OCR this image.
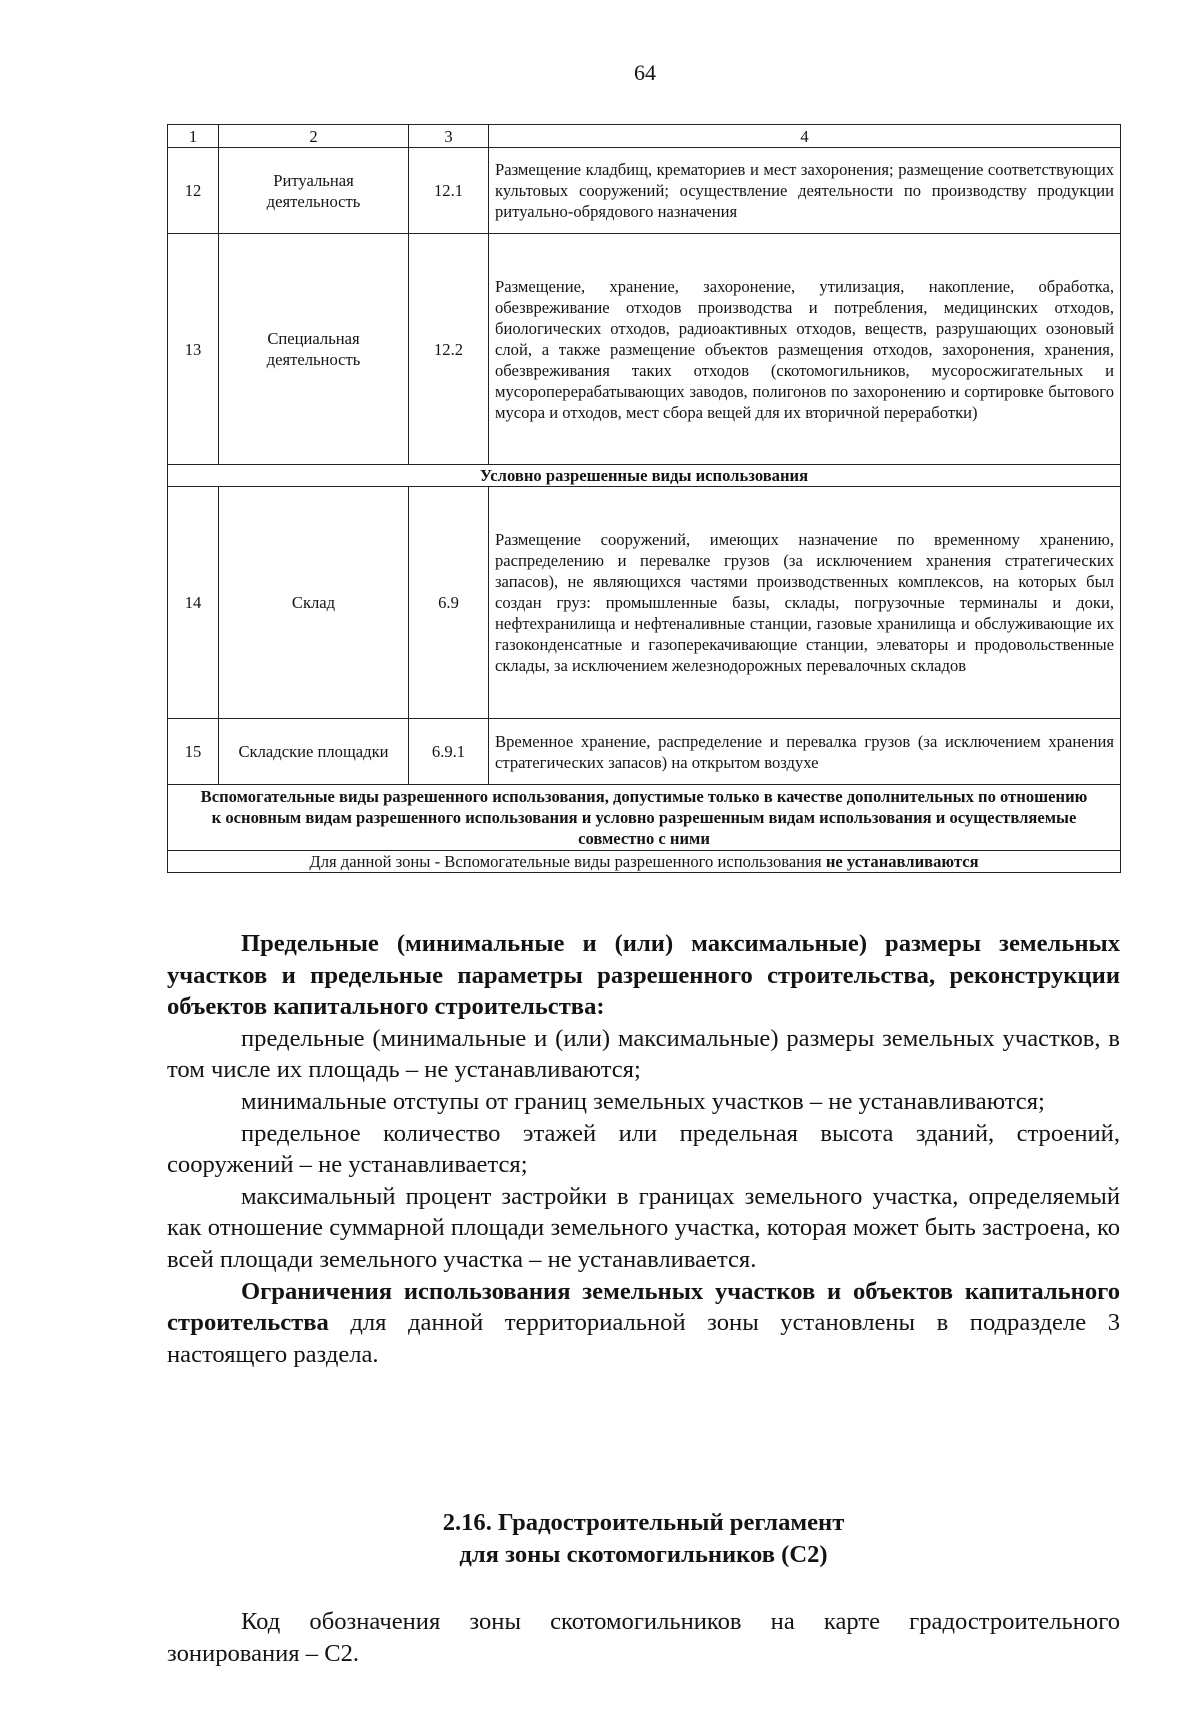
64
1	2	3	4
12	Ритуальная деятельность	12.1	Размещение кладбищ, крематориев и мест захоронения; размещение соответствующих культовых сооружений; осуществление деятельности по производству продукции ритуально-обрядового назначения
13	Специальная деятельность	12.2	Размещение, хранение, захоронение, утилизация, накопление, обработка, обезвреживание отходов производства и потребления, медицинских отходов, биологических отходов, радиоактивных отходов, веществ, разрушающих озоновый слой, а также размещение объектов размещения отходов, захоронения, хранения, обезвреживания таких отходов (скотомогильников, мусоросжигательных и мусороперерабатывающих заводов, полигонов по захоронению и сортировке бытового мусора и отходов, мест сбора вещей для их вторичной переработки)
Условно разрешенные виды использования			
14	Склад	6.9	Размещение сооружений, имеющих назначение по временному хранению, распределению и перевалке грузов (за исключением хранения стратегических запасов), не являющихся частями производственных комплексов, на которых был создан груз: промышленные базы, склады, погрузочные терминалы и доки, нефтехранилища и нефтеналивные станции, газовые хранилища и обслуживающие их газоконденсатные и газоперекачивающие станции, элеваторы и продовольственные склады, за исключением железнодорожных перевалочных складов
15	Складские площадки	6.9.1	Временное хранение, распределение и перевалка грузов (за исключением хранения стратегических запасов) на открытом воздухе
Вспомогательные виды разрешенного использования, допустимые только в качестве дополнительных по отношению к основным видам разрешенного использования и условно разрешенным видам использования и осуществляемые совместно с ними			
Для данной зоны - Вспомогательные виды разрешенного использования не устанавливаются			

Предельные (минимальные и (или) максимальные) размеры земельных участков и предельные параметры разрешенного строительства, реконструкции объектов капитального строительства:

предельные (минимальные и (или) максимальные) размеры земельных участков, в том числе их площадь – не устанавливаются;

минимальные отступы от границ земельных участков – не устанавливаются;

предельное количество этажей или предельная высота зданий, строений, сооружений – не устанавливается;

максимальный процент застройки в границах земельного участка, определяемый как отношение суммарной площади земельного участка, которая может быть застроена, ко всей площади земельного участка – не устанавливается.

Ограничения использования земельных участков и объектов капитального строительства для данной территориальной зоны установлены в подразделе 3 настоящего раздела.

2.16. Градостроительный регламент
для зоны скотомогильников (С2)

Код обозначения зоны скотомогильников на карте градостроительного зонирования – С2.
